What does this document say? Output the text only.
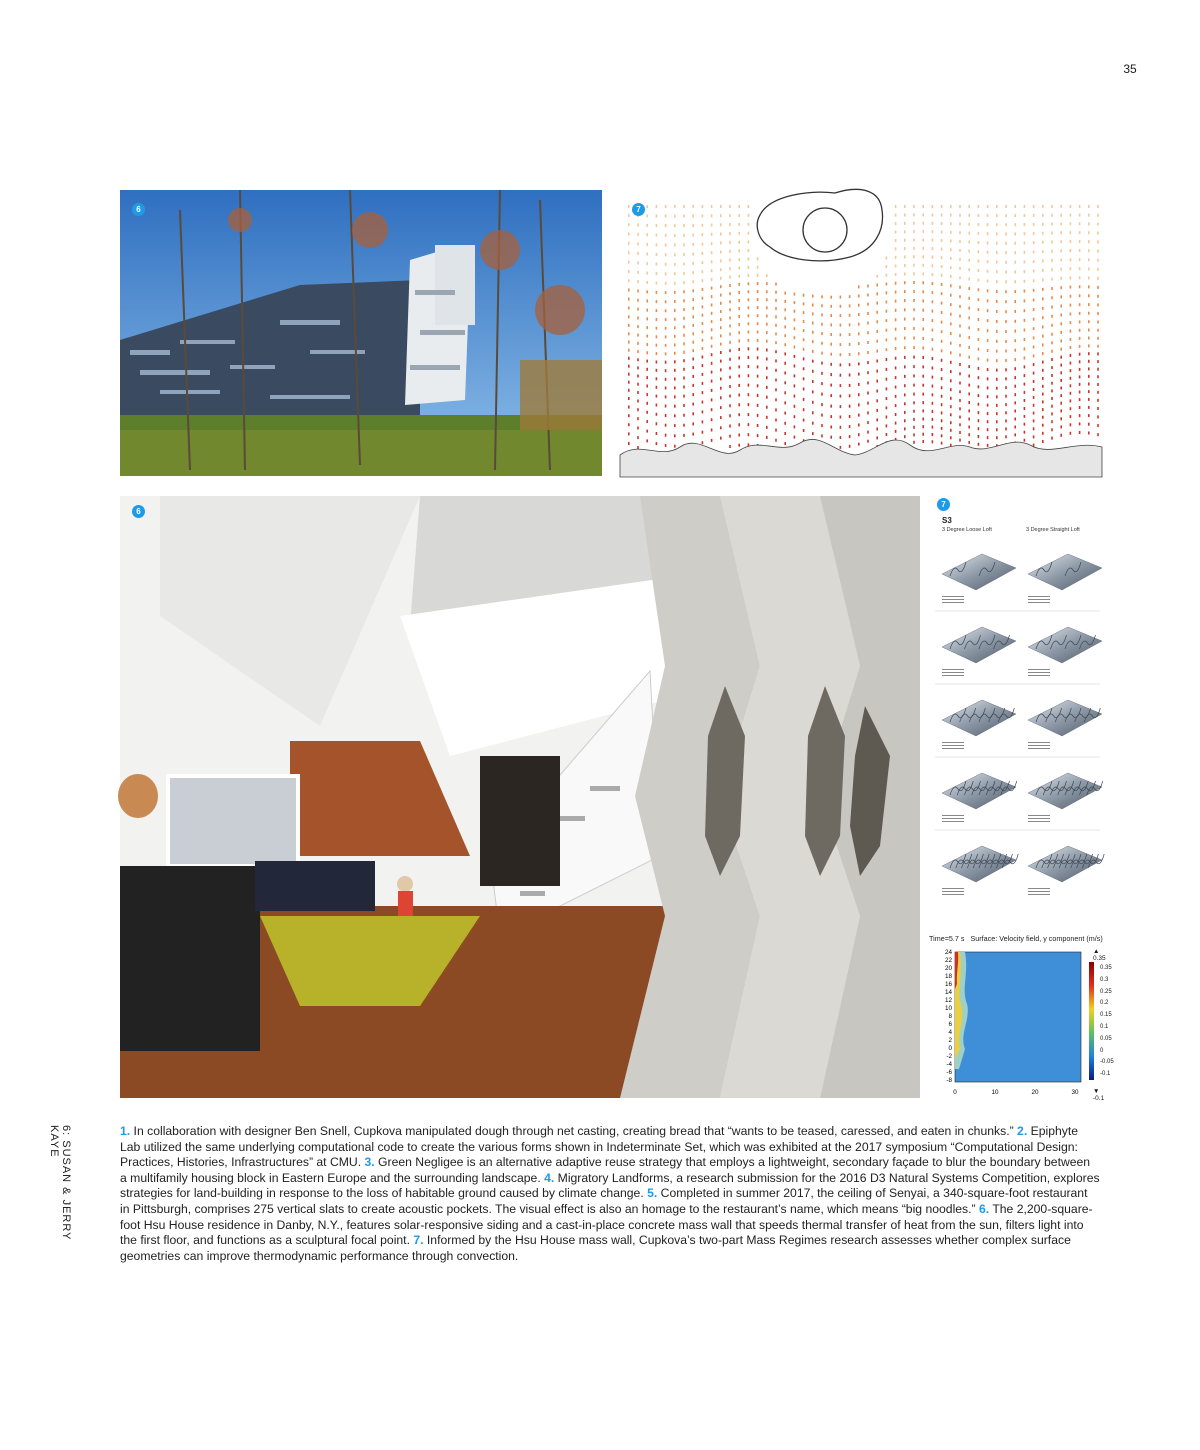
35
6: SUSAN & JERRY KAYE
6	7
6
7
S3
3 Degree Loose Loft	3 Degree Straight Loft
Time=5.7 s Surface: Velocity field, y component (m/s)
24
22
20
18
16
14
12
10
8
6
4
2
0
-2
-4
-6
-8
0	10	20	30
▲ 0.35
0.35
0.3
0.25
0.2
0.15
0.1
0.05
0
-0.05
-0.1
▼ -0.1
1. In collaboration with designer Ben Snell, Cupkova manipulated dough through net casting, creating bread that “wants to be teased, caressed, and eaten in chunks.” 2. Epiphyte Lab utilized the same underlying computational code to create the various forms shown in Indeterminate Set, which was exhibited at the 2017 symposium “Computational Design: Practices, Histories, Infrastructures” at CMU. 3. Green Negligee is an alternative adaptive reuse strategy that employs a lightweight, secondary façade to blur the boundary between a multifamily housing block in Eastern Europe and the surrounding landscape. 4. Migratory Landforms, a research submission for the 2016 D3 Natural Systems Competition, explores strategies for land-building in response to the loss of habitable ground caused by climate change. 5. Completed in summer 2017, the ceiling of Senyai, a 340-square-foot restaurant in Pittsburgh, comprises 275 vertical slats to create acoustic pockets. The visual effect is also an homage to the restaurant’s name, which means “big noodles.” 6. The 2,200-square-foot Hsu House residence in Danby, N.Y., features solar-responsive siding and a cast-in-place concrete mass wall that speeds thermal transfer of heat from the sun, filters light into the first floor, and functions as a sculptural focal point. 7. Informed by the Hsu House mass wall, Cupkova’s two-part Mass Regimes research assesses whether complex surface geometries can improve thermodynamic performance through convection.
